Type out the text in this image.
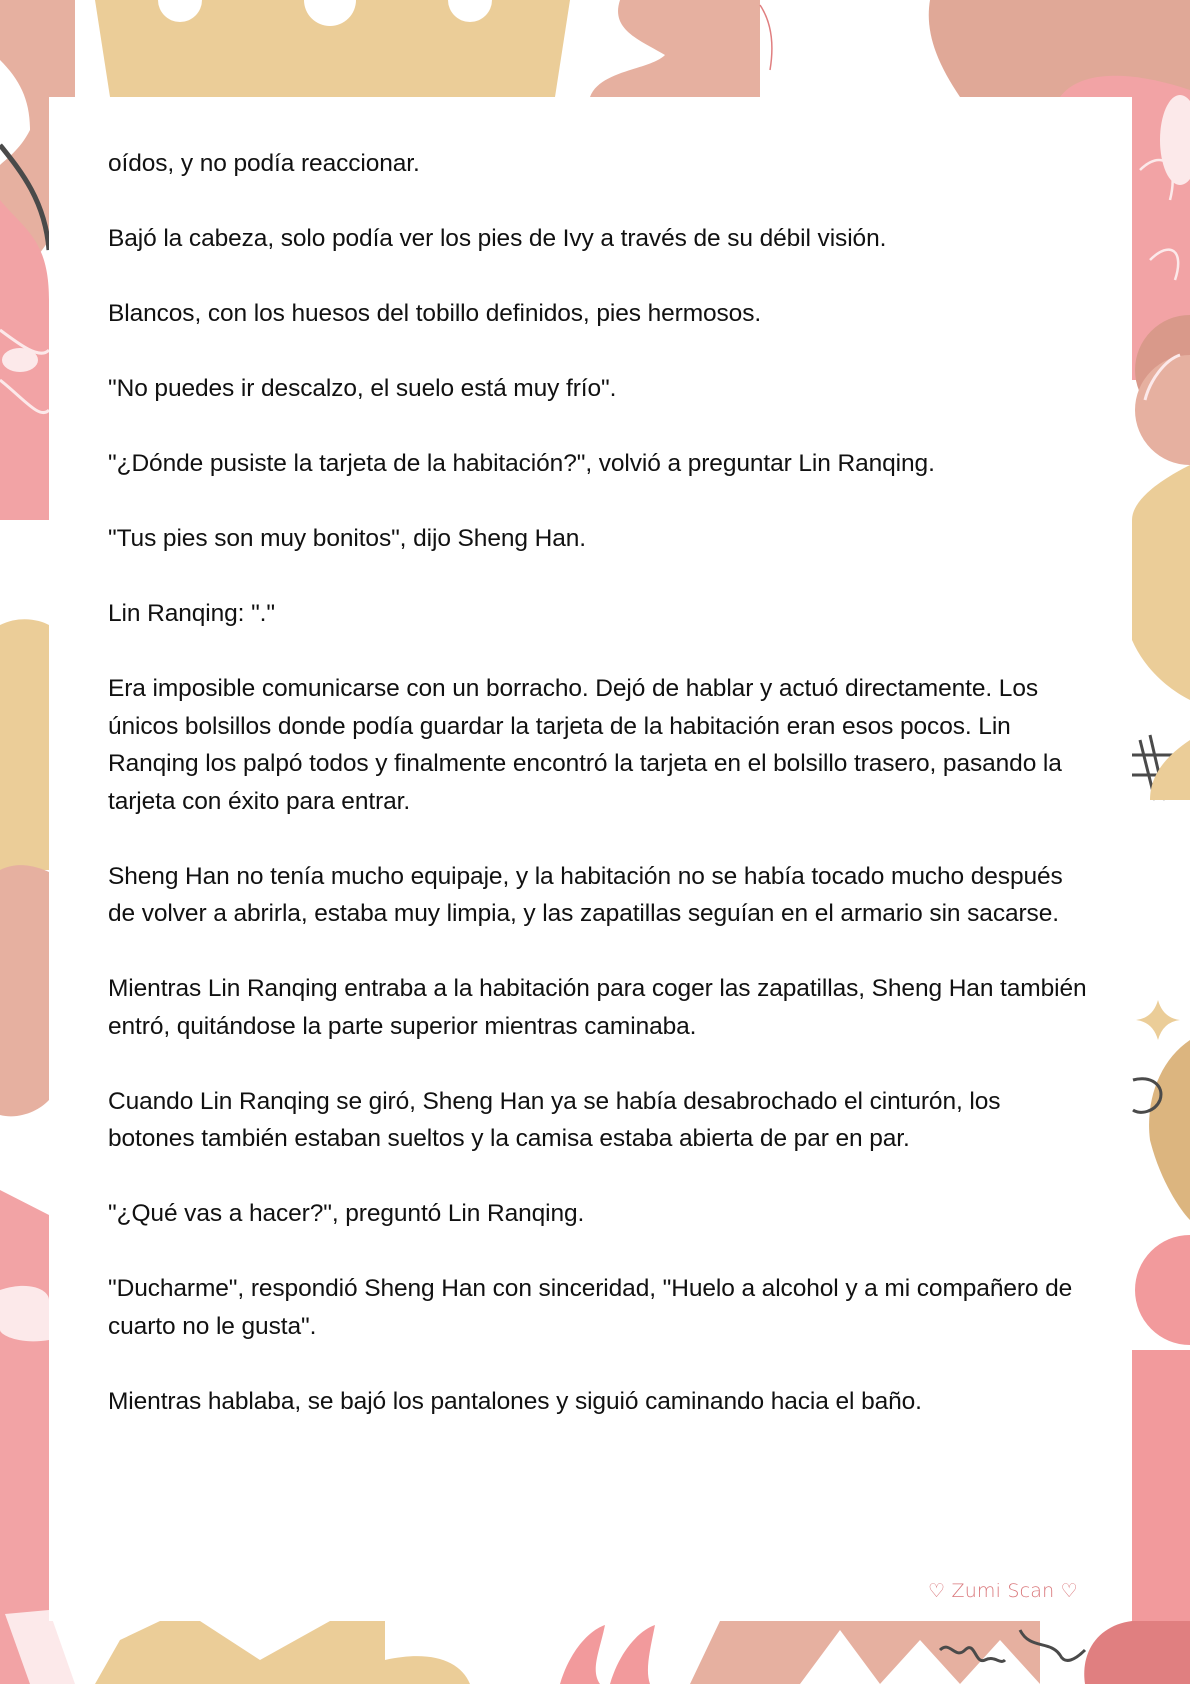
oídos, y no podía reaccionar.

Bajó la cabeza, solo podía ver los pies de Ivy a través de su débil visión.

Blancos, con los huesos del tobillo definidos, pies hermosos.

"No puedes ir descalzo, el suelo está muy frío".

"¿Dónde pusiste la tarjeta de la habitación?", volvió a preguntar Lin Ranqing.

"Tus pies son muy bonitos", dijo Sheng Han.

Lin Ranqing: "."

Era imposible comunicarse con un borracho. Dejó de hablar y actuó directamente. Los únicos bolsillos donde podía guardar la tarjeta de la habitación eran esos pocos. Lin Ranqing los palpó todos y finalmente encontró la tarjeta en el bolsillo trasero, pasando la tarjeta con éxito para entrar.

Sheng Han no tenía mucho equipaje, y la habitación no se había tocado mucho después de volver a abrirla, estaba muy limpia, y las zapatillas seguían en el armario sin sacarse.

Mientras Lin Ranqing entraba a la habitación para coger las zapatillas, Sheng Han también entró, quitándose la parte superior mientras caminaba.

Cuando Lin Ranqing se giró, Sheng Han ya se había desabrochado el cinturón, los botones también estaban sueltos y la camisa estaba abierta de par en par.

"¿Qué vas a hacer?", preguntó Lin Ranqing.

"Ducharme", respondió Sheng Han con sinceridad, "Huelo a alcohol y a mi compañero de cuarto no le gusta".

Mientras hablaba, se bajó los pantalones y siguió caminando hacia el baño.

♡ Zumi Scan ♡
